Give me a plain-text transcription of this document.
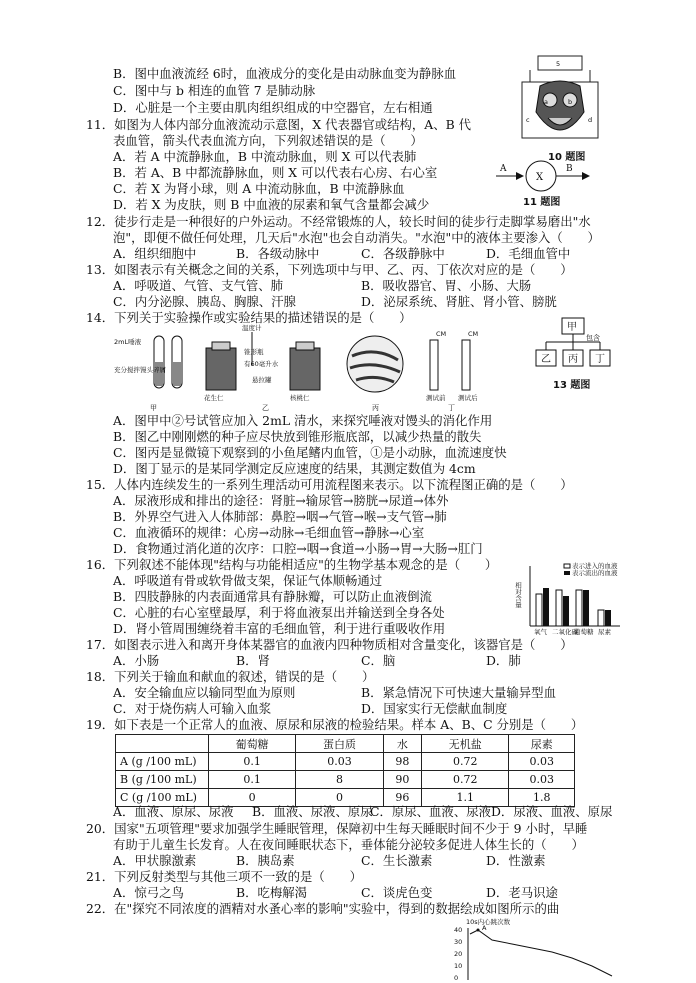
B．图中血液流经 6时，血液成分的变化是由动脉血变为静脉血
C．图中与 b 相连的血管 7 是肺动脉
D．心脏是一个主要由肌肉组织组成的中空器官，左右相通	a	b
c	d
5
10 题图
11．如图为人体内部分血液流动示意图，X 代表器官或结构，A、B 代
表血管，箭头代表血流方向，下列叙述错误的是（　　）
A．若 A 中流静脉血，B 中流动脉血，则 X 可以代表肺
B．若 A、B 中都流静脉血，则 X 可以代表右心房、右心室
C．若 X 为肾小球，则 A 中流动脉血，B 中流静脉血
D．若 X 为皮肤，则 B 中血液的尿素和氧气含量都会减少
X
A	B
11 题图
12．徒步行走是一种很好的户外运动。不经常锻炼的人，较长时间的徒步行走脚掌易磨出"水
泡"，即便不做任何处理，几天后"水泡"也会自动消失。"水泡"中的液体主要渗入（　　）
A．组织细胞中	B．各级动脉中	C．各级静脉中	D．毛细血管中
13．如图表示有关概念之间的关系，下列选项中与甲、乙、丙、丁依次对应的是（　　）
A．呼吸道、气管、支气管、肺	B．吸收器官、胃、小肠、大肠
C．内分泌腺、胰岛、胸腺、汗腺	D．泌尿系统、肾脏、肾小管、膀胱
14．下列关于实验操作或实验结果的描述错误的是（　　）
甲
包含
乙 丙 丁
13 题图
2mL唾液
充分搅拌馒头碎屑
甲
温度计
锥形瓶
有60毫升水
悬拉罐
花生仁	核桃仁
乙	丙
CM	CM
测试前 测试后
丁
A．图甲中②号试管应加入 2mL 清水，来探究唾液对馒头的消化作用
B．图乙中刚刚燃的种子应尽快放到锥形瓶底部，以减少热量的散失
C．图丙是显微镜下观察到的小鱼尾鳍内血管，①是小动脉，血流速度快
D．图丁显示的是某同学测定反应速度的结果，其测定数值为 4cm
15．人体内连续发生的一系列生理活动可用流程图来表示。以下流程图正确的是（　　）
A．尿液形成和排出的途径：肾脏→输尿管→膀胱→尿道→体外
B．外界空气进入人体肺部：鼻腔→咽→气管→喉→支气管→肺
C．血液循环的规律：心房→动脉→毛细血管→静脉→心室
D．食物通过消化道的次序：口腔→咽→食道→小肠→胃→大肠→肛门
16．下列叙述不能体现"结构与功能相适应"的生物学基本观念的是（　　）
A．呼吸道有骨或软骨做支架，保证气体顺畅通过
B．四肢静脉的内表面通常具有静脉瓣，可以防止血液倒流
C．心脏的右心室壁最厚，利于将血液泵出并输送到全身各处
D．肾小管周围缠绕着丰富的毛细血管，利于进行重吸收作用
相对含量
表示进入的血液
表示流出的血液
氧气 二氧化碳
葡萄糖 尿素
17．如图表示进入和离开身体某器官的血液内四种物质相对含量变化，该器官是（　　）
A．小肠	B．肾	C．脑	D．肺
18．下列关于输血和献血的叙述，错误的是（　　）
A．安全输血应以输同型血为原则	B．紧急情况下可快速大量输异型血
C．对于烧伤病人可输入血浆	D．国家实行无偿献血制度
19．如下表是一个正常人的血液、原尿和尿液的检验结果。样本 A、B、C 分别是（　　）
	葡萄糖	蛋白质	水	无机盐	尿素
A (g /100 mL)	0.1	0.03	98	0.72	0.03
B (g /100 mL)	0.1	8	90	0.72	0.03
C (g /100 mL)	0	0	96	1.1	1.8
A．血液、原尿、尿液 B．血液、尿液、原尿
C．原尿、血液、尿液 D．尿液、血液、原尿
20．国家"五项管理"要求加强学生睡眠管理，保障初中生每天睡眠时间不少于 9 小时，早睡
有助于儿童生长发育。人在夜间睡眠状态下，垂体能分泌较多促进人体生长的（　　）
A．甲状腺激素	B．胰岛素	C．生长激素	D．性激素
21．下列反射类型与其他三项不一致的是（　　）
A．惊弓之鸟	B．吃梅解渴	C．谈虎色变	D．老马识途
22．在"探究不同浓度的酒精对水蚤心率的影响"实验中，得到的数据绘成如图所示的曲
10s内心跳次数
40
30
20
10
0
A
